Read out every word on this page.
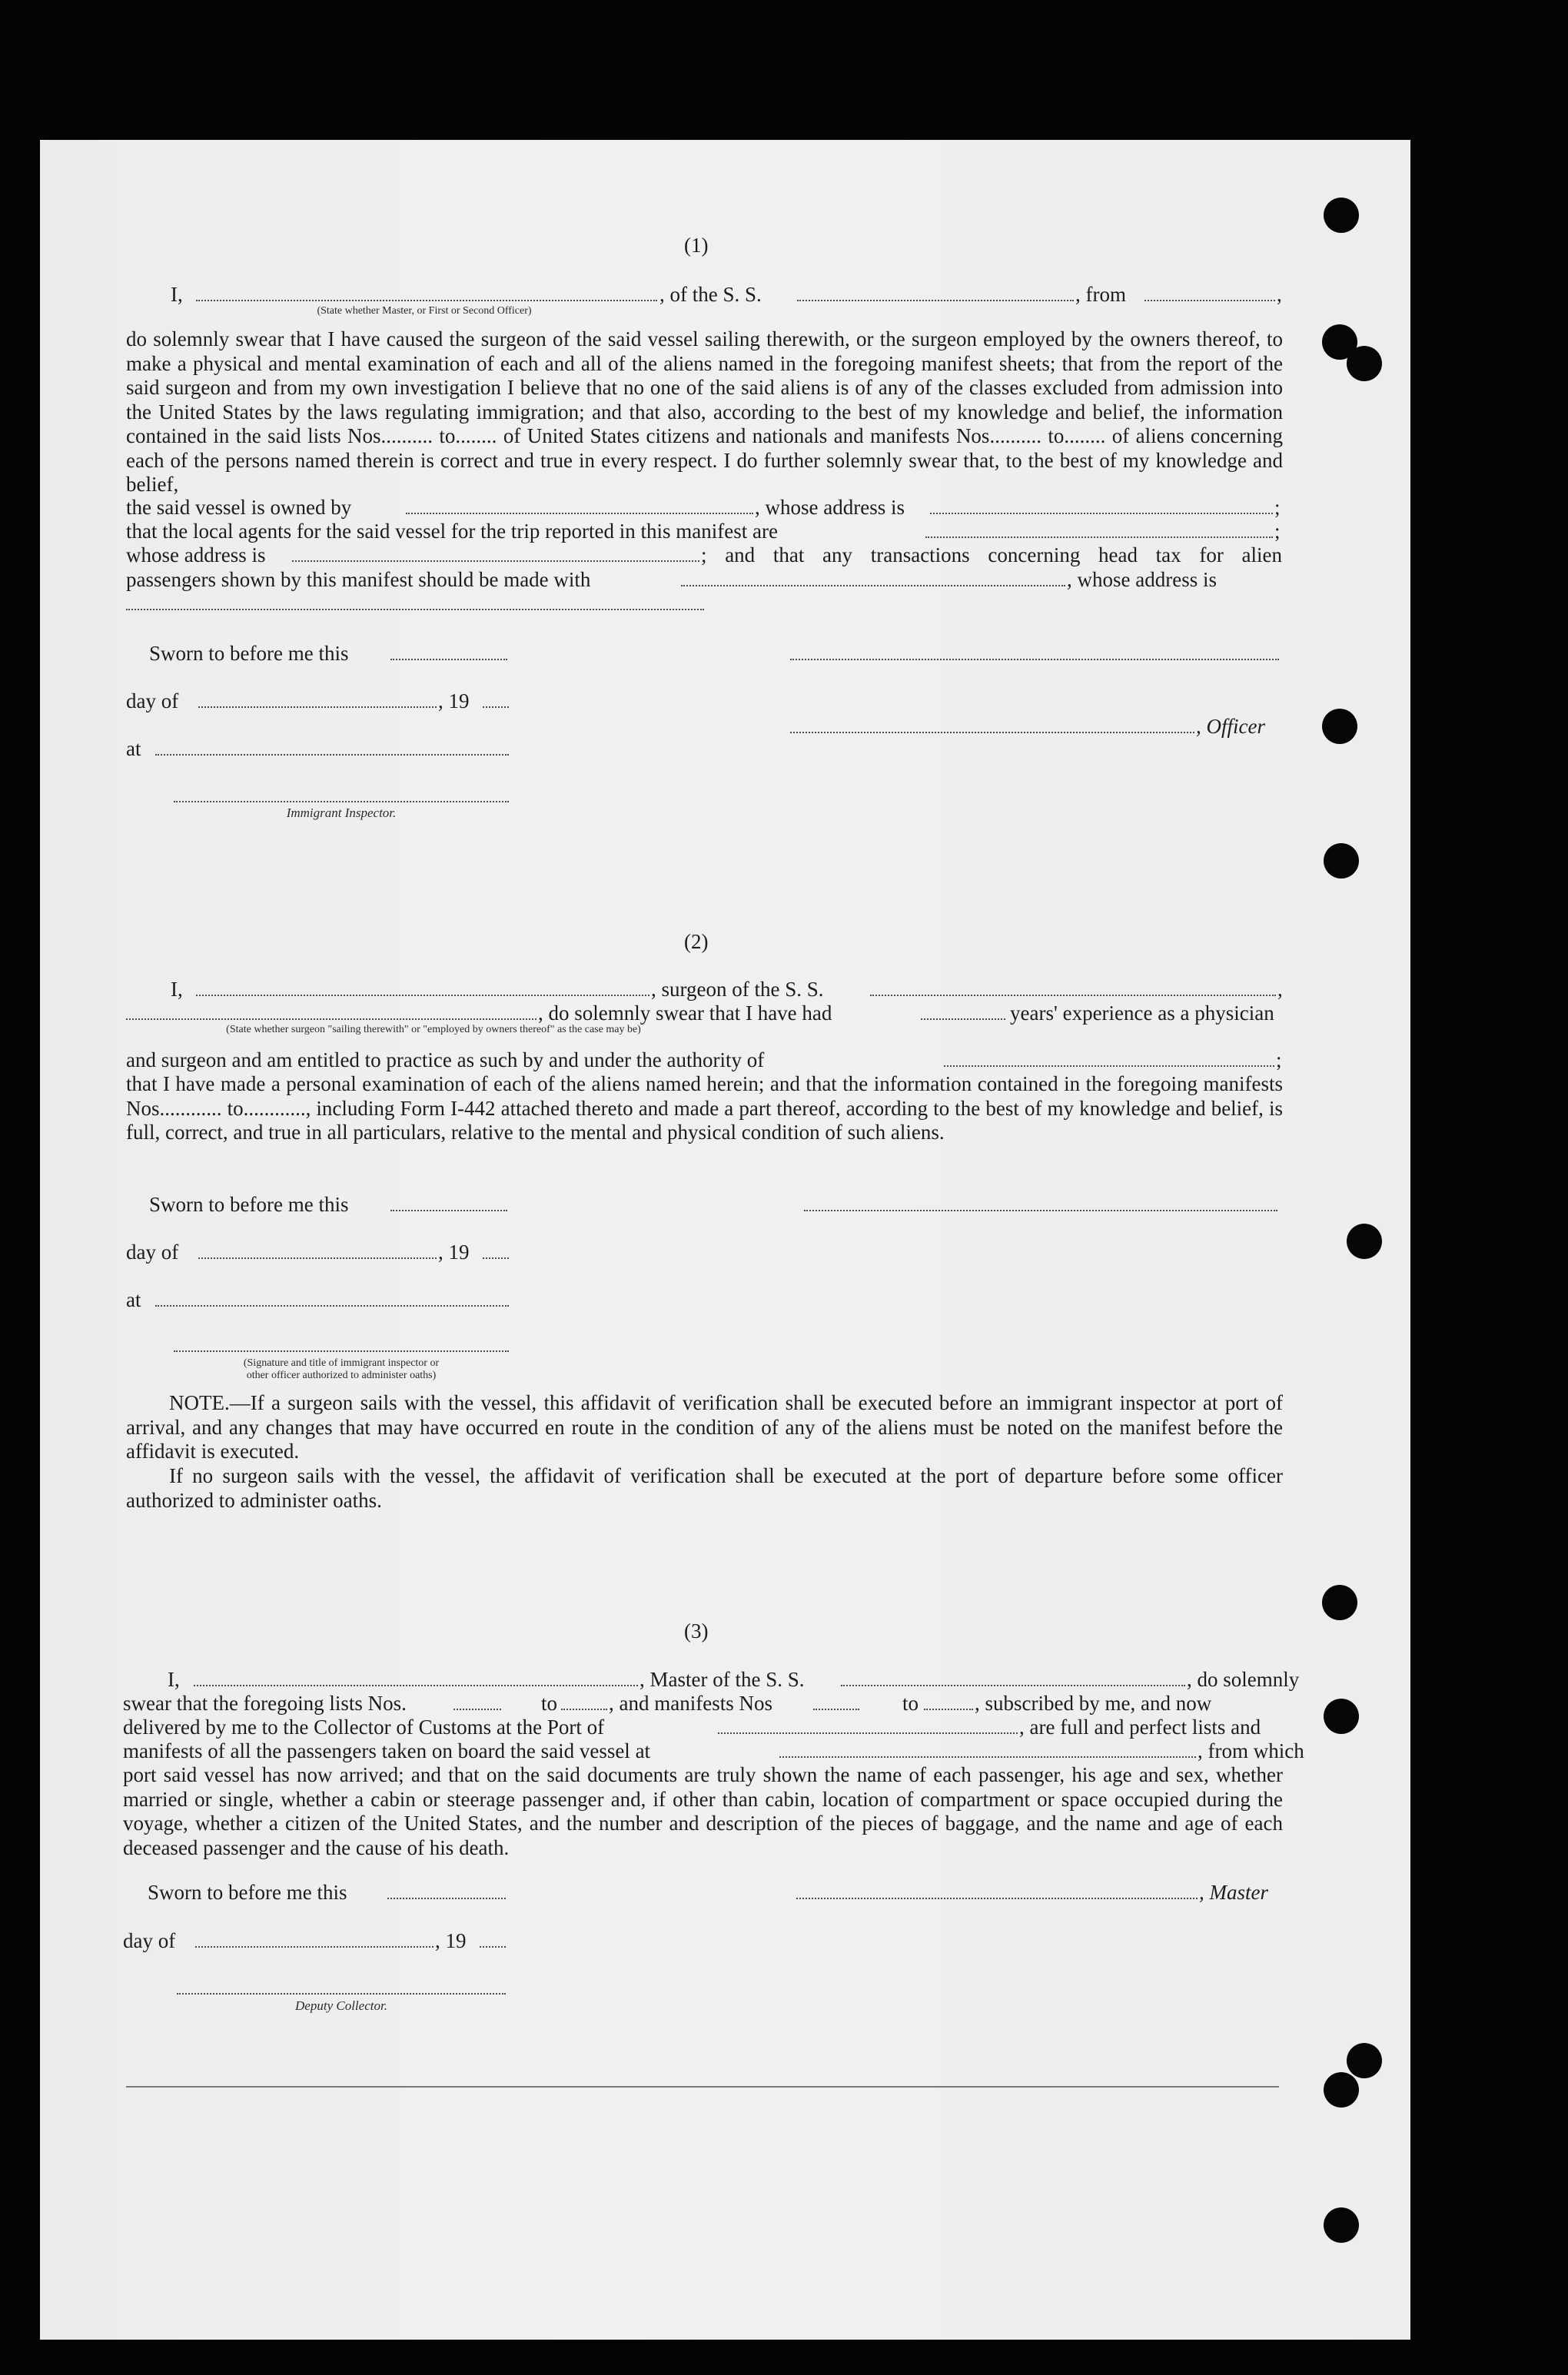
(1)
I,	, of the S. S.	, from	,
(State whether Master, or First or Second Officer)
do solemnly swear that I have caused the surgeon of the said vessel sailing therewith, or the surgeon employed by the owners thereof, to make a physical and mental examination of each and all of the aliens named in the foregoing manifest sheets; that from the report of the said surgeon and from my own investigation I believe that no one of the said aliens is of any of the classes excluded from admission into the United States by the laws regulating immigration; and that also, according to the best of my knowledge and belief, the information contained in the said lists Nos.......... to........ of United States citizens and nationals and manifests Nos.......... to........ of aliens concerning each of the persons named therein is correct and true in every respect. I do further solemnly swear that, to the best of my knowledge and belief,
the said vessel is owned by	, whose address is	;
that the local agents for the said vessel for the trip reported in this manifest are	;
whose address is	; and that any transactions concerning head tax for alien
passengers shown by this manifest should be made with	, whose address is
Sworn to before me this
day of	, 19
, Officer
at
Immigrant Inspector.
(2)
I,	, surgeon of the S. S.	,
, do solemnly swear that I have had	years' experience as a physician
(State whether surgeon "sailing therewith" or "employed by owners thereof" as the case may be)
and surgeon and am entitled to practice as such by and under the authority of	;
that I have made a personal examination of each of the aliens named herein; and that the information contained in the foregoing manifests Nos............ to............, including Form I-442 attached thereto and made a part thereof, according to the best of my knowledge and belief, is full, correct, and true in all particulars, relative to the mental and physical condition of such aliens.
Sworn to before me this
day of	, 19
at
(Signature and title of immigrant inspector or
other officer authorized to administer oaths)
NOTE.—If a surgeon sails with the vessel, this affidavit of verification shall be executed before an immigrant inspector at port of arrival, and any changes that may have occurred en route in the condition of any of the aliens must be noted on the manifest before the affidavit is executed.
If no surgeon sails with the vessel, the affidavit of verification shall be executed at the port of departure before some officer authorized to administer oaths.
(3)
I,	, Master of the S. S.	, do solemnly
swear that the foregoing lists Nos.	to , and manifests Nos	to	, subscribed by me, and now
delivered by me to the Collector of Customs at the Port of	, are full and perfect lists and
manifests of all the passengers taken on board the said vessel at	, from which
port said vessel has now arrived; and that on the said documents are truly shown the name of each passenger, his age and sex, whether married or single, whether a cabin or steerage passenger and, if other than cabin, location of compartment or space occupied during the voyage, whether a citizen of the United States, and the number and description of the pieces of baggage, and the name and age of each deceased passenger and the cause of his death.
Sworn to before me this	, Master
day of	, 19
Deputy Collector.
